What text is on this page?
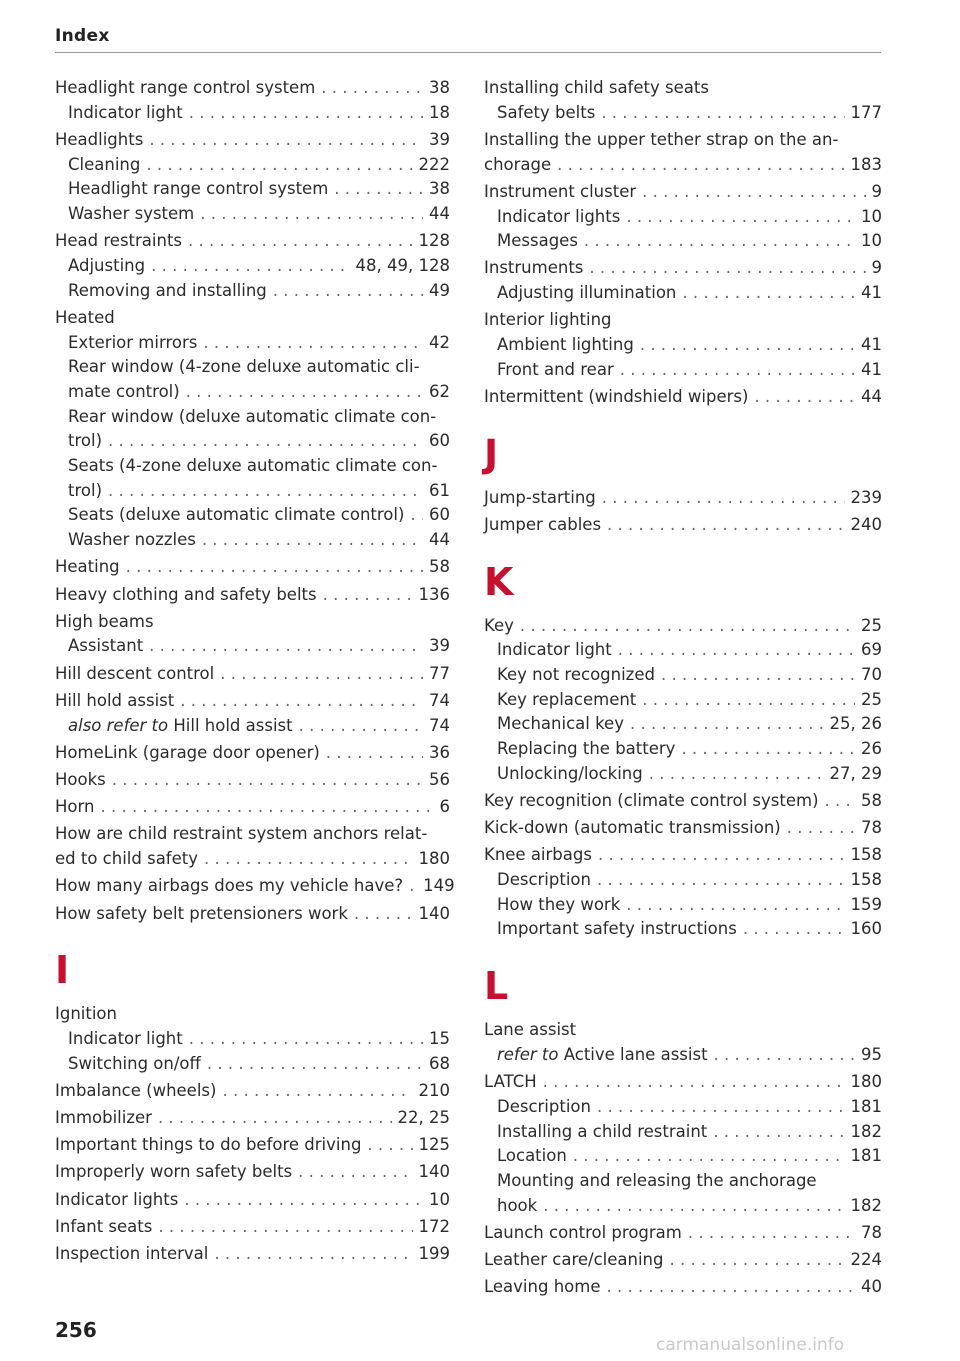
Index
Headlight range control system . . .	38
Indicator light . . .	18
Headlights . . .	39
Cleaning . . .	222
Headlight range control system . . .	38
Washer system . . .	44
Head restraints . . .	128
Adjusting . . .	48, 49, 128
Removing and installing . . .	49
Heated
Exterior mirrors . . .	42
Rear window (4-zone deluxe automatic cli-
mate control) . . .	62
Rear window (deluxe automatic climate con-
trol) . . .	60
Seats (4-zone deluxe automatic climate con-
trol) . . .	61
Seats (deluxe automatic climate control) . . . 60
Washer nozzles . . .	44
Heating . . .	58
Heavy clothing and safety belts . . .	136
High beams
Assistant . . .	39
Hill descent control . . .	77
Hill hold assist . . .	74
also refer to Hill hold assist . . .	74
HomeLink (garage door opener) . . .	36
Hooks . . .	56
Horn . . .	6
How are child restraint system anchors relat-
ed to child safety . . .	180
How many airbags does my vehicle have? . . . 149
How safety belt pretensioners work . . .	140
I
Ignition
Indicator light . . .	15
Switching on/off . . .	68
Imbalance (wheels) . . .	210
Immobilizer . . .	22, 25
Important things to do before driving . . .	125
Improperly worn safety belts . . .	140
Indicator lights . . .	10
Infant seats . . .	172
Inspection interval . . .	199
Installing child safety seats
Safety belts . . .	177
Installing the upper tether strap on the an-
chorage . . .	183
Instrument cluster . . .	9
Indicator lights . . .	10
Messages . . .	10
Instruments . . .	9
Adjusting illumination . . .	41
Interior lighting
Ambient lighting . . .	41
Front and rear . . .	41
Intermittent (windshield wipers) . . .	44
J
Jump-starting . . .	239
Jumper cables . . .	240
K
Key . . .	25
Indicator light . . .	69
Key not recognized . . .	70
Key replacement . . .	25
Mechanical key . . .	25, 26
Replacing the battery . . .	26
Unlocking/locking . . .	27, 29
Key recognition (climate control system) . . .	58
Kick-down (automatic transmission) . . .	78
Knee airbags . . .	158
Description . . .	158
How they work . . .	159
Important safety instructions . . .	160
L
Lane assist
refer to Active lane assist . . .	95
LATCH . . .	180
Description . . .	181
Installing a child restraint . . .	182
Location . . .	181
Mounting and releasing the anchorage
hook . . .	182
Launch control program . . .	78
Leather care/cleaning . . .	224
Leaving home . . .	40
256
carmanualsonline.info
